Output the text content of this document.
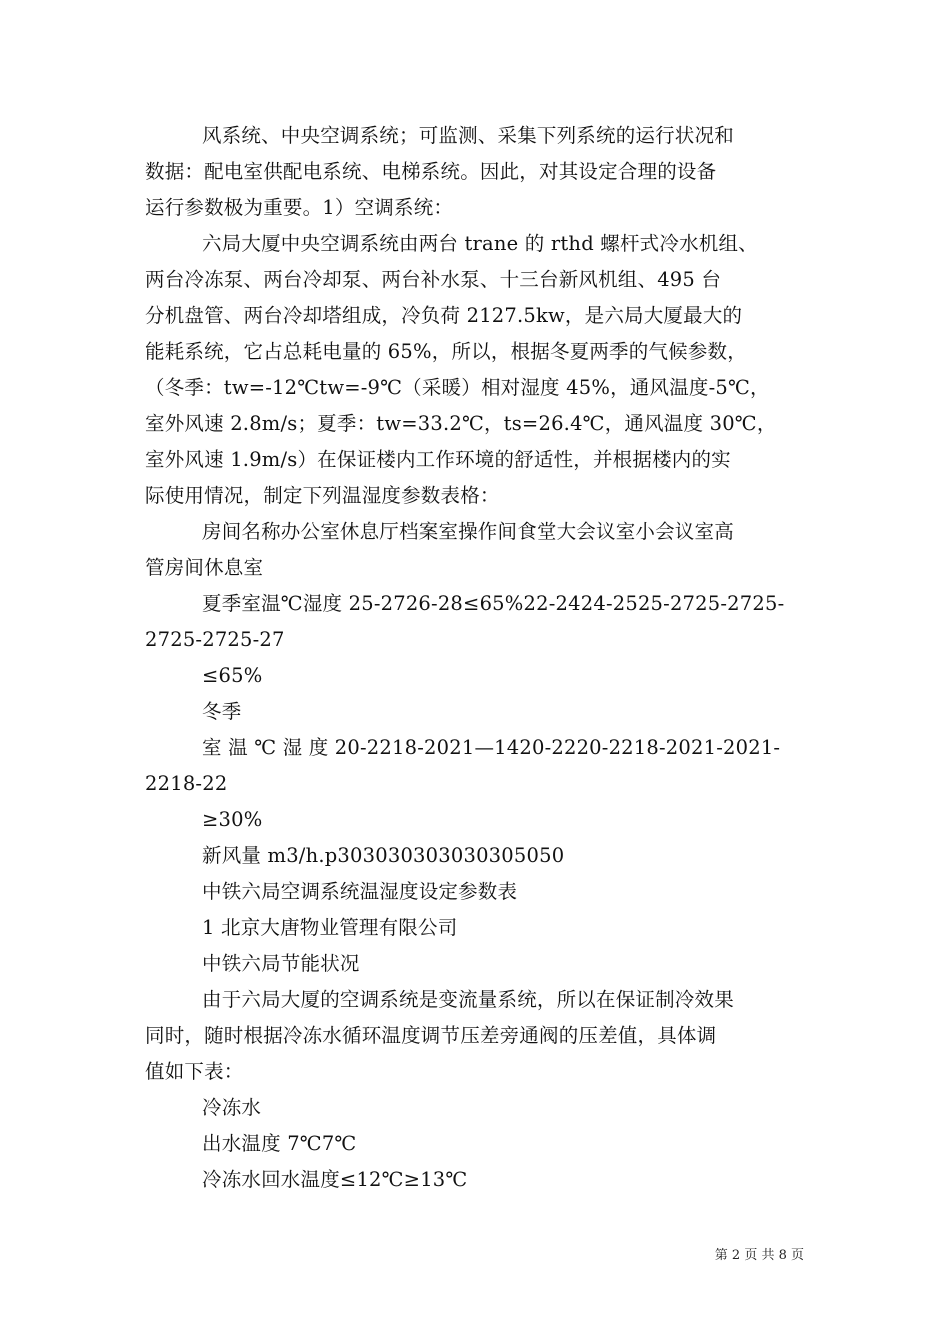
风系统、中央空调系统；可监测、采集下列系统的运行状况和
数据：配电室供配电系统、电梯系统。因此，对其设定合理的设备
运行参数极为重要。1）空调系统：
六局大厦中央空调系统由两台 trane 的 rthd 螺杆式冷水机组、
两台冷冻泵、两台冷却泵、两台补水泵、十三台新风机组、495 台
分机盘管、两台冷却塔组成，冷负荷 2127.5kw，是六局大厦最大的
能耗系统，它占总耗电量的 65%，所以，根据冬夏两季的气候参数，
（冬季：tw=-12℃tw=-9℃（采暖）相对湿度 45%，通风温度-5℃，
室外风速 2.8m/s；夏季：tw=33.2℃，ts=26.4℃，通风温度 30℃，
室外风速 1.9m/s）在保证楼内工作环境的舒适性，并根据楼内的实
际使用情况，制定下列温湿度参数表格：
房间名称办公室休息厅档案室操作间食堂大会议室小会议室高
管房间休息室
夏季室温℃湿度 25-2726-28≤65%22-2424-2525-2725-2725-
2725-2725-27
≤65%
冬季
室 温 ℃ 湿 度 20-2218-2021—1420-2220-2218-2021-2021-
2218-22
≥30%
新风量 m3/h.p303030303030305050
中铁六局空调系统温湿度设定参数表
1 北京大唐物业管理有限公司
中铁六局节能状况
由于六局大厦的空调系统是变流量系统，所以在保证制冷效果
同时，随时根据冷冻水循环温度调节压差旁通阀的压差值，具体调
值如下表：
冷冻水
出水温度 7℃7℃
冷冻水回水温度≤12℃≥13℃
第 2 页 共 8 页
